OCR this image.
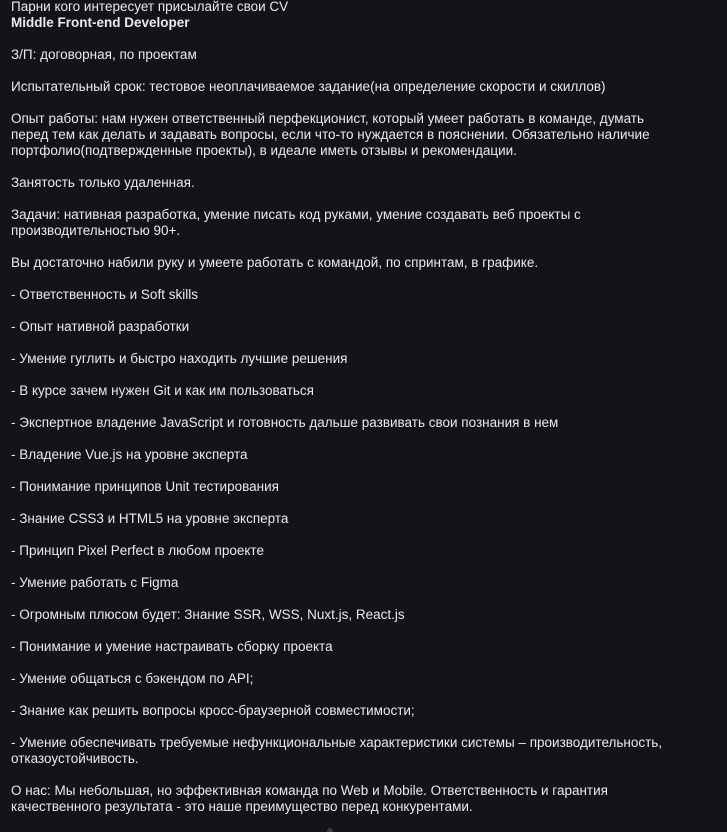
Парни кого интересует присылайте свои CV

Middle Front-end Developer

З/П: договорная, по проектам

Испытательный срок: тестовое неоплачиваемое задание(на определение скорости и скиллов)

Опыт работы: нам нужен ответственный перфекционист, который умеет работать в команде, думать

перед тем как делать и задавать вопросы, если что-то нуждается в пояснении. Обязательно наличие

портфолио(подтвержденные проекты), в идеале иметь отзывы и рекомендации.

Занятость только удаленная.

Задачи: нативная разработка, умение писать код руками, умение создавать веб проекты с

производительностью 90+.

Вы достаточно набили руку и умеете работать с командой, по спринтам, в графике.

- Ответственность и Soft skills

- Опыт нативной разработки

- Умение гуглить и быстро находить лучшие решения

- В курсе зачем нужен Git и как им пользоваться

- Экспертное владение JavaScript и готовность дальше развивать свои познания в нем

- Владение Vue.js на уровне эксперта

- Понимание принципов Unit тестирования

- Знание CSS3 и HTML5 на уровне эксперта

- Принцип Pixel Perfect в любом проекте

- Умение работать с Figma

- Огромным плюсом будет: Знание SSR, WSS, Nuxt.js, React.js

- Понимание и умение настраивать сборку проекта

- Умение общаться с бэкендом по API;

- Знание как решить вопросы кросс-браузерной совместимости;

- Умение обеспечивать требуемые нефункциональные характеристики системы – производительность,

отказоустойчивость.

О нас: Мы небольшая, но эффективная команда по Web и Mobile. Ответственность и гарантия

качественного результата - это наше преимущество перед конкурентами.
